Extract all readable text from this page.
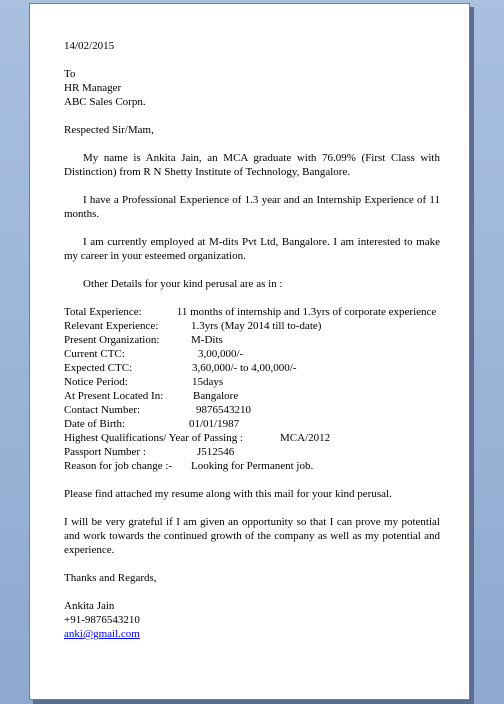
14/02/2015
To
HR Manager
ABC Sales Corpn.
Respected Sir/Mam,
My name is Ankita Jain, an MCA graduate with 76.09% (First Class with Distinction) from R N Shetty Institute of Technology, Bangalore.
I have a Professional Experience of 1.3 year and an Internship Experience of 11 months.
I am currently employed at M-dits Pvt Ltd, Bangalore. I am interested to make my career in your esteemed organization.
Other Details for your kind perusal are as in :
Total Experience:	11 months of internship and 1.3yrs of corporate experience
Relevant Experience:	1.3yrs (May 2014 till to-date)
Present Organization:	M-Dits
Current CTC:	3,00,000/-
Expected CTC:	3,60,000/- to 4,00,000/-
Notice Period:	15days
At Present Located In:	Bangalore
Contact Number:	9876543210
Date of Birth:	01/01/1987
Highest Qualifications/ Year of Passing :	MCA/2012
Passport Number :	J512546
Reason for job change :- Looking for Permanent job.
Please find attached my resume along with this mail for your kind perusal.
I will be very grateful if I am given an opportunity so that I can prove my potential and work towards the continued growth of the company as well as my potential and experience.
Thanks and Regards,
Ankita Jain
+91-9876543210
anki@gmail.com
